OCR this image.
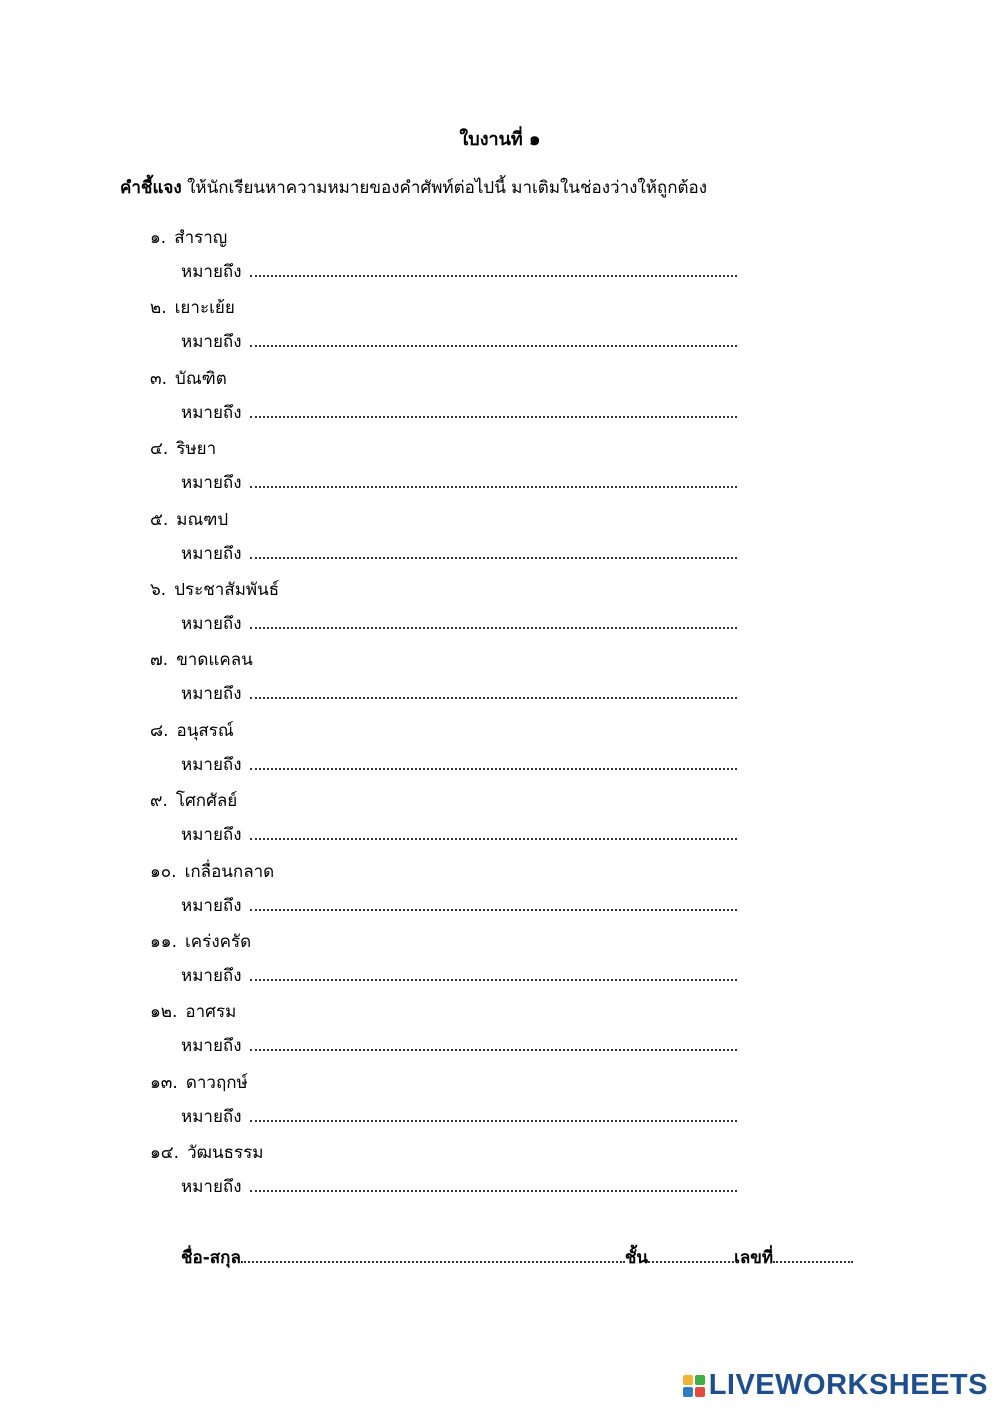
ใบงานที่ ๑
คำชี้แจง ให้นักเรียนหาความหมายของคำศัพท์ต่อไปนี้ มาเติมในช่องว่างให้ถูกต้อง
๑. สำราญ
หมายถึง
๒. เยาะเย้ย
หมายถึง
๓. บัณฑิต
หมายถึง
๔. ริษยา
หมายถึง
๕. มณฑป
หมายถึง
๖. ประชาสัมพันธ์
หมายถึง
๗. ขาดแคลน
หมายถึง
๘. อนุสรณ์
หมายถึง
๙. โศกศัลย์
หมายถึง
๑๐. เกลื่อนกลาด
หมายถึง
๑๑. เคร่งครัด
หมายถึง
๑๒. อาศรม
หมายถึง
๑๓. ดาวฤกษ์
หมายถึง
๑๔. วัฒนธรรม
หมายถึง
ชื่อ-สกุล	ชั้น	เลขที่
LIVEWORKSHEETS
